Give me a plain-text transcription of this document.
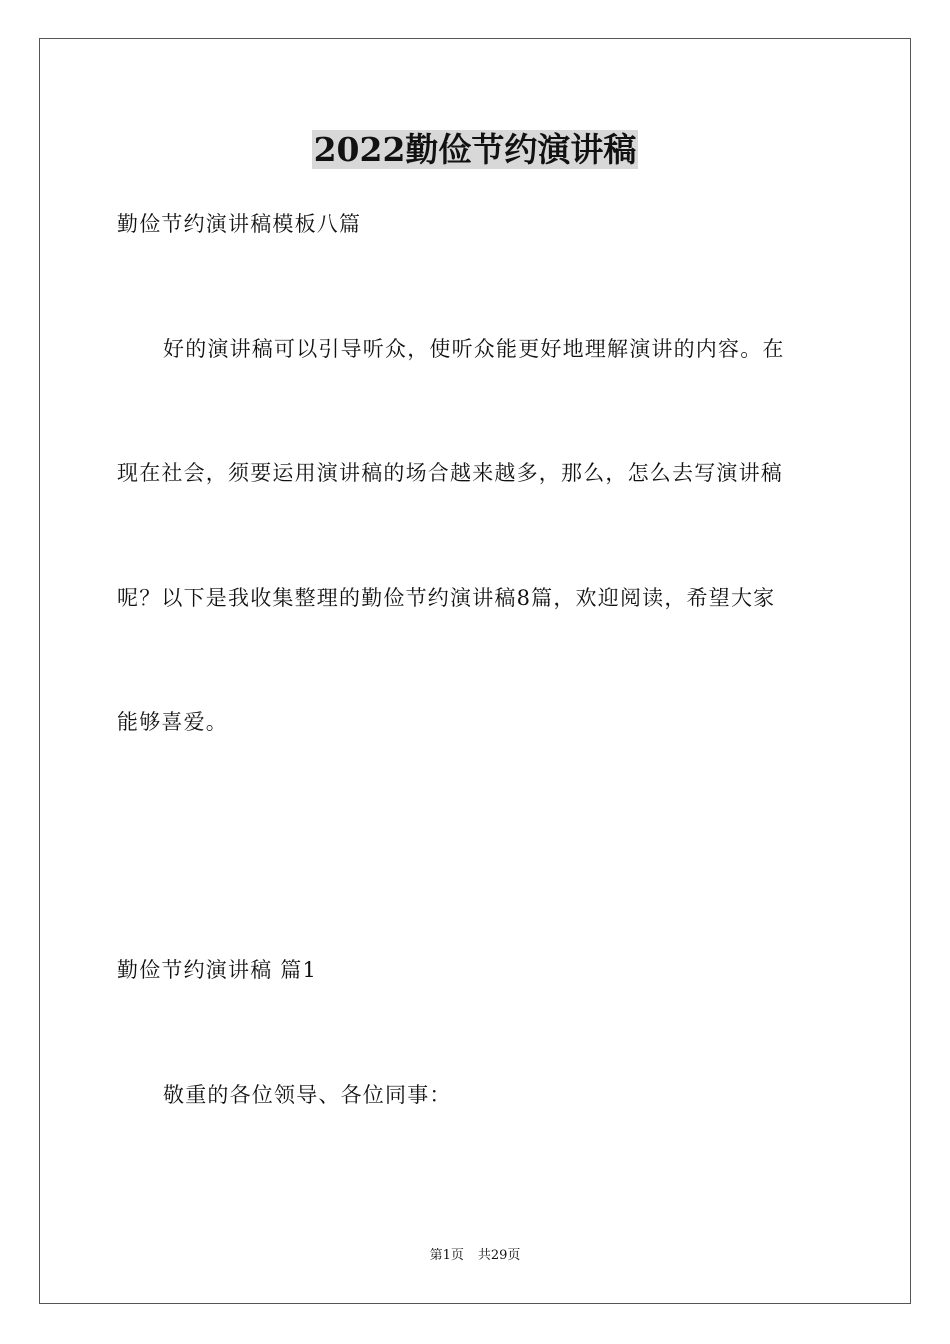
2022勤俭节约演讲稿
勤俭节约演讲稿模板八篇
好的演讲稿可以引导听众，使听众能更好地理解演讲的内容。在
现在社会，须要运用演讲稿的场合越来越多，那么，怎么去写演讲稿
呢？以下是我收集整理的勤俭节约演讲稿8篇，欢迎阅读，希望大家
能够喜爱。
勤俭节约演讲稿 篇1
敬重的各位领导、各位同事：
第1页 共29页
